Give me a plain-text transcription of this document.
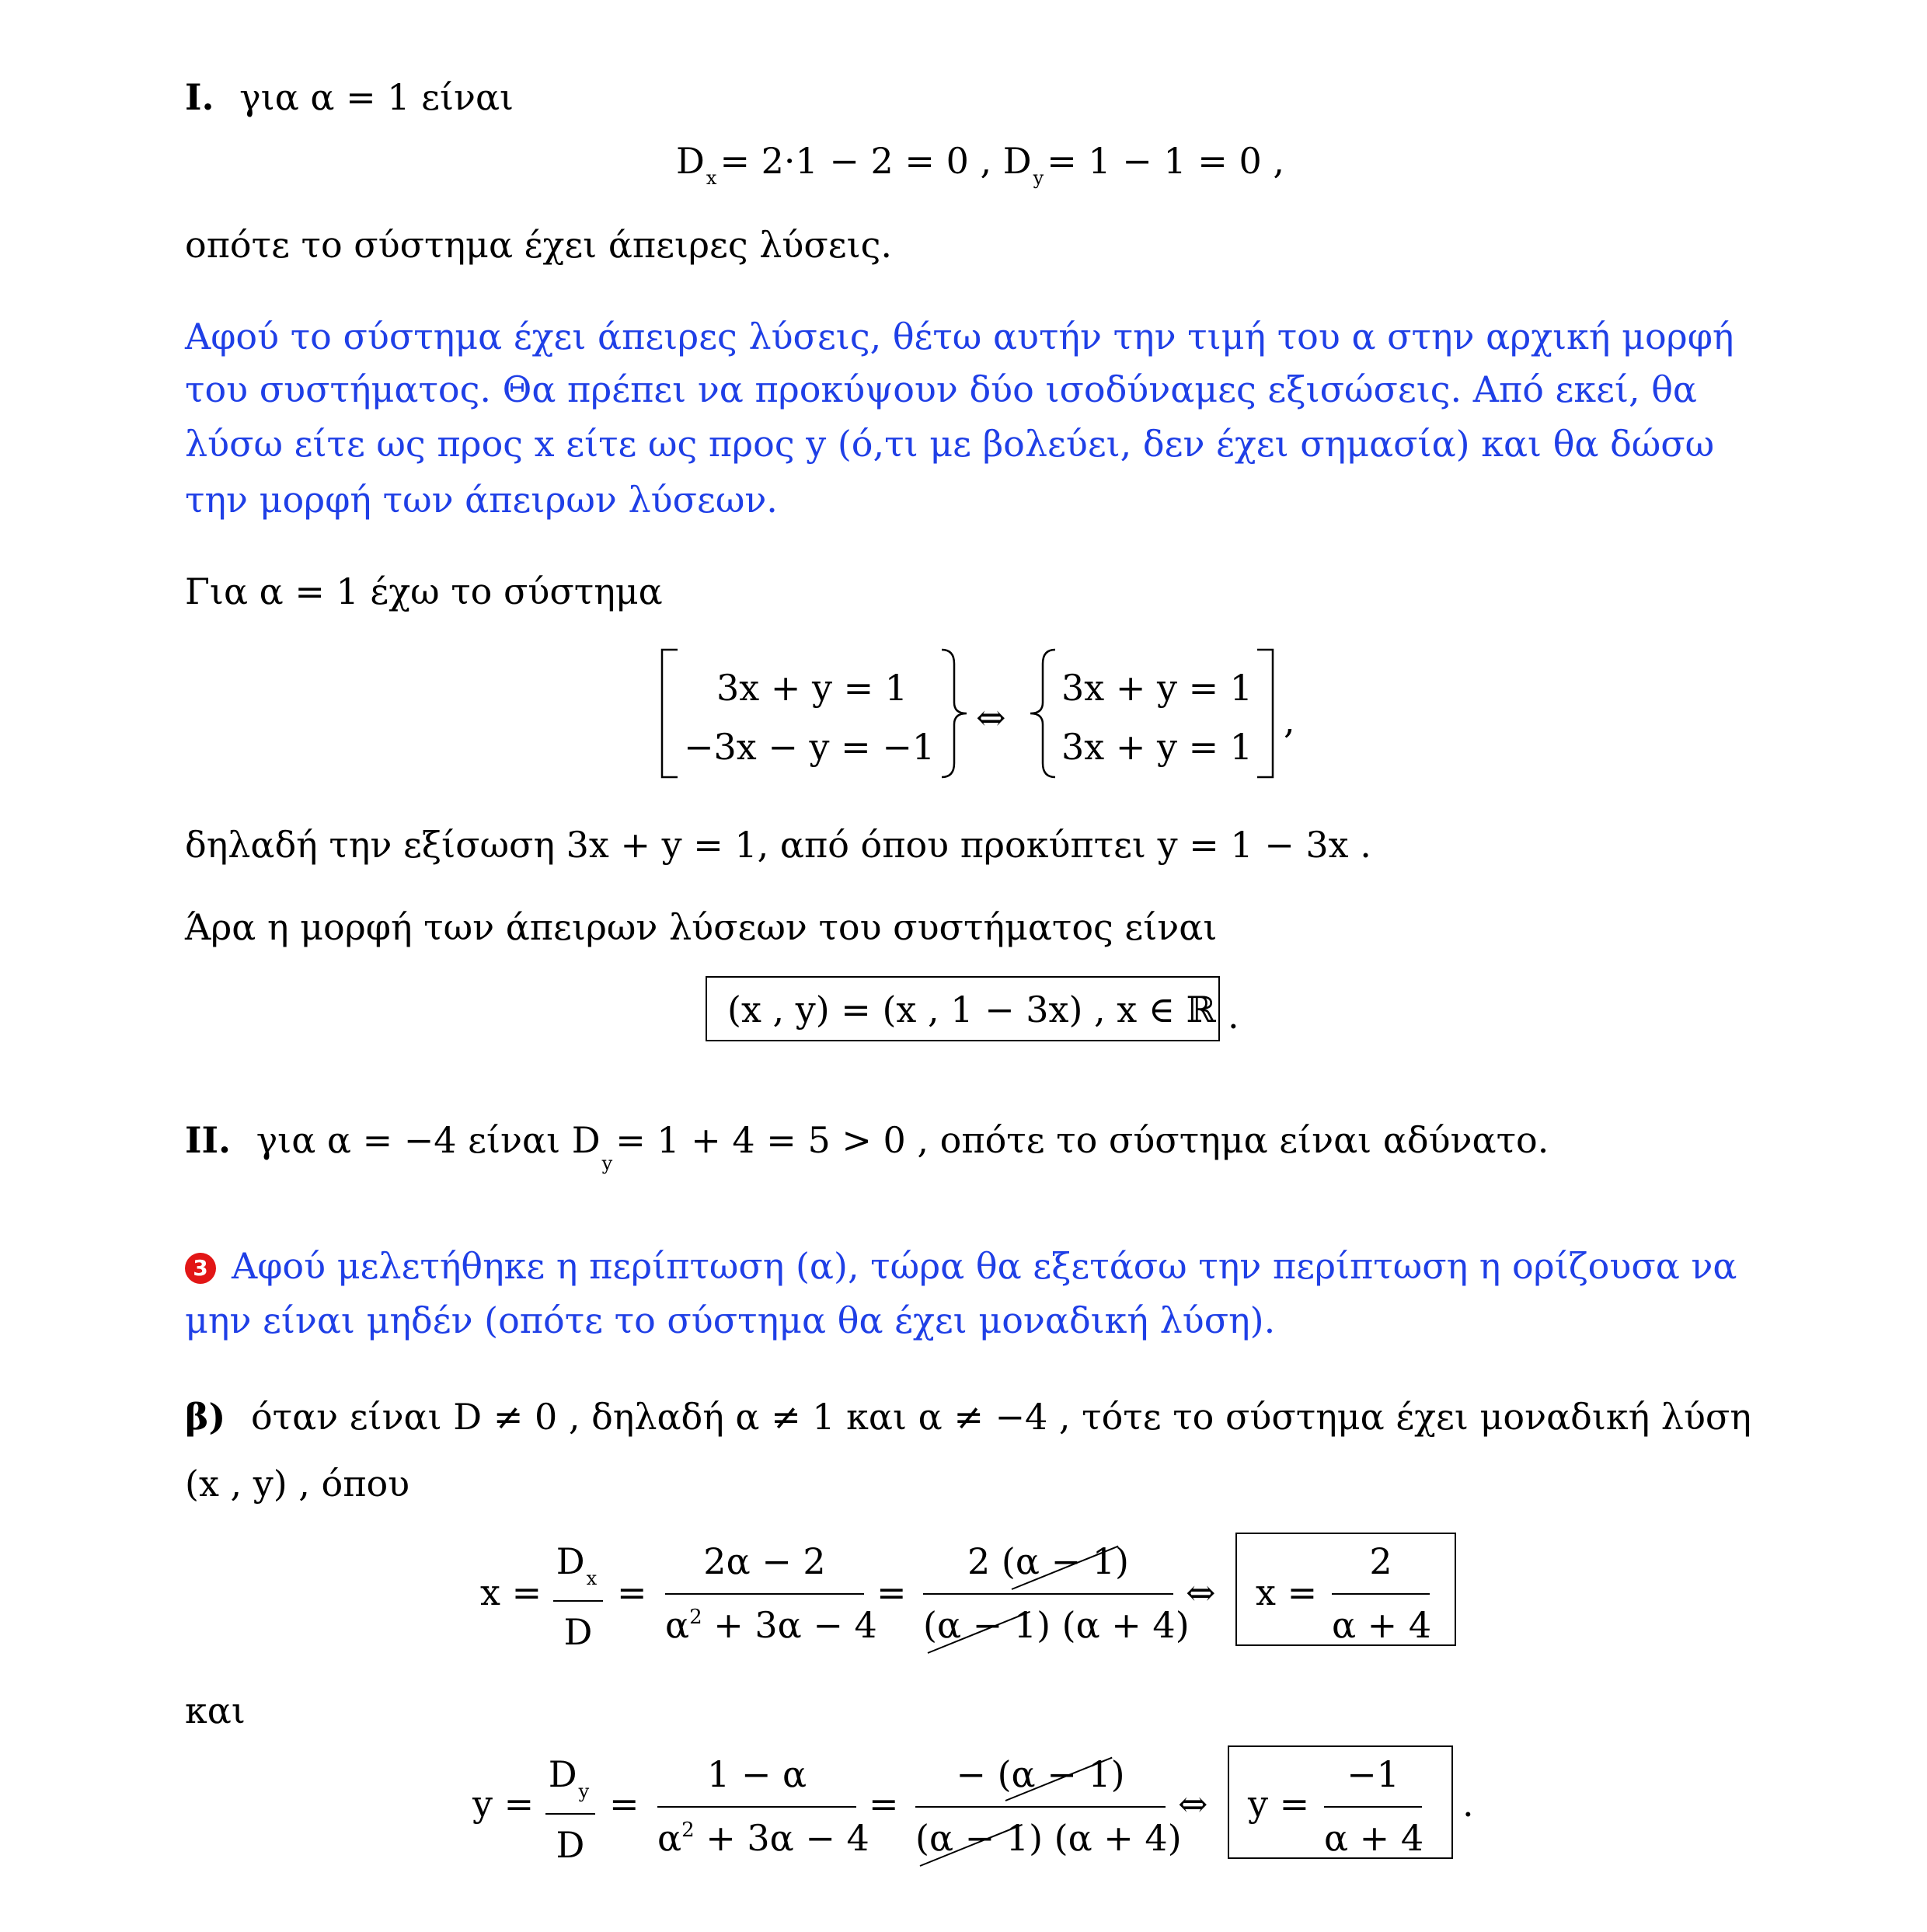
I. για α = 1 είναι
$D_x= 2\cdot 1 - 2 = 0$ , $D_y= 1 - 1 = 0$ ,
οπότε το σύστημα έχει άπειρες λύσεις.
Αφού το σύστημα έχει άπειρες λύσεις, θέτω αυτήν την τιμή του α στην αρχική μορφή
του συστήματος. Θα πρέπει να προκύψουν δύο ισοδύναμες εξισώσεις. Από εκεί, θα
λύσω είτε ως προς x είτε ως προς y (ό,τι με βολεύει, δεν έχει σημασία) και θα δώσω
την μορφή των άπειρων λύσεων.
Για α = 1 έχω το σύστημα
3x + y = 1
−3x − y = −1
⇔
3x + y = 1
3x + y = 1
,
δηλαδή την εξίσωση 3x + y = 1, από όπου προκύπτει y = 1 − 3x .
Άρα η μορφή των άπειρων λύσεων του συστήματος είναι
(x , y) = (x , 1 − 3x) , x ∈ ℝ .
II. για α = −4 είναι $D_y= 1 + 4 = 5 > 0$ , οπότε το σύστημα είναι αδύνατο.
3 Αφού μελετήθηκε η περίπτωση (α), τώρα θα εξετάσω την περίπτωση η ορίζουσα να
μην είναι μηδέν (οπότε το σύστημα θα έχει μοναδική λύση).
β) όταν είναι D ≠ 0 , δηλαδή α ≠ 1 και α ≠ −4 , τότε το σύστημα έχει μοναδική λύση
(x , y) , όπου
x =
$D_x$
D
=
2α − 2
$\alpha^2 + 3\alpha - 4$
=
2 (α − 1)
(α − 1) (α + 4)
⇔ x =
2
α + 4
και
y =
$D_y$
D
=
1 − α
$\alpha^2 + 3\alpha - 4$
=
− (α − 1)
(α − 1) (α + 4)
⇔ y =
−1
α + 4
.
